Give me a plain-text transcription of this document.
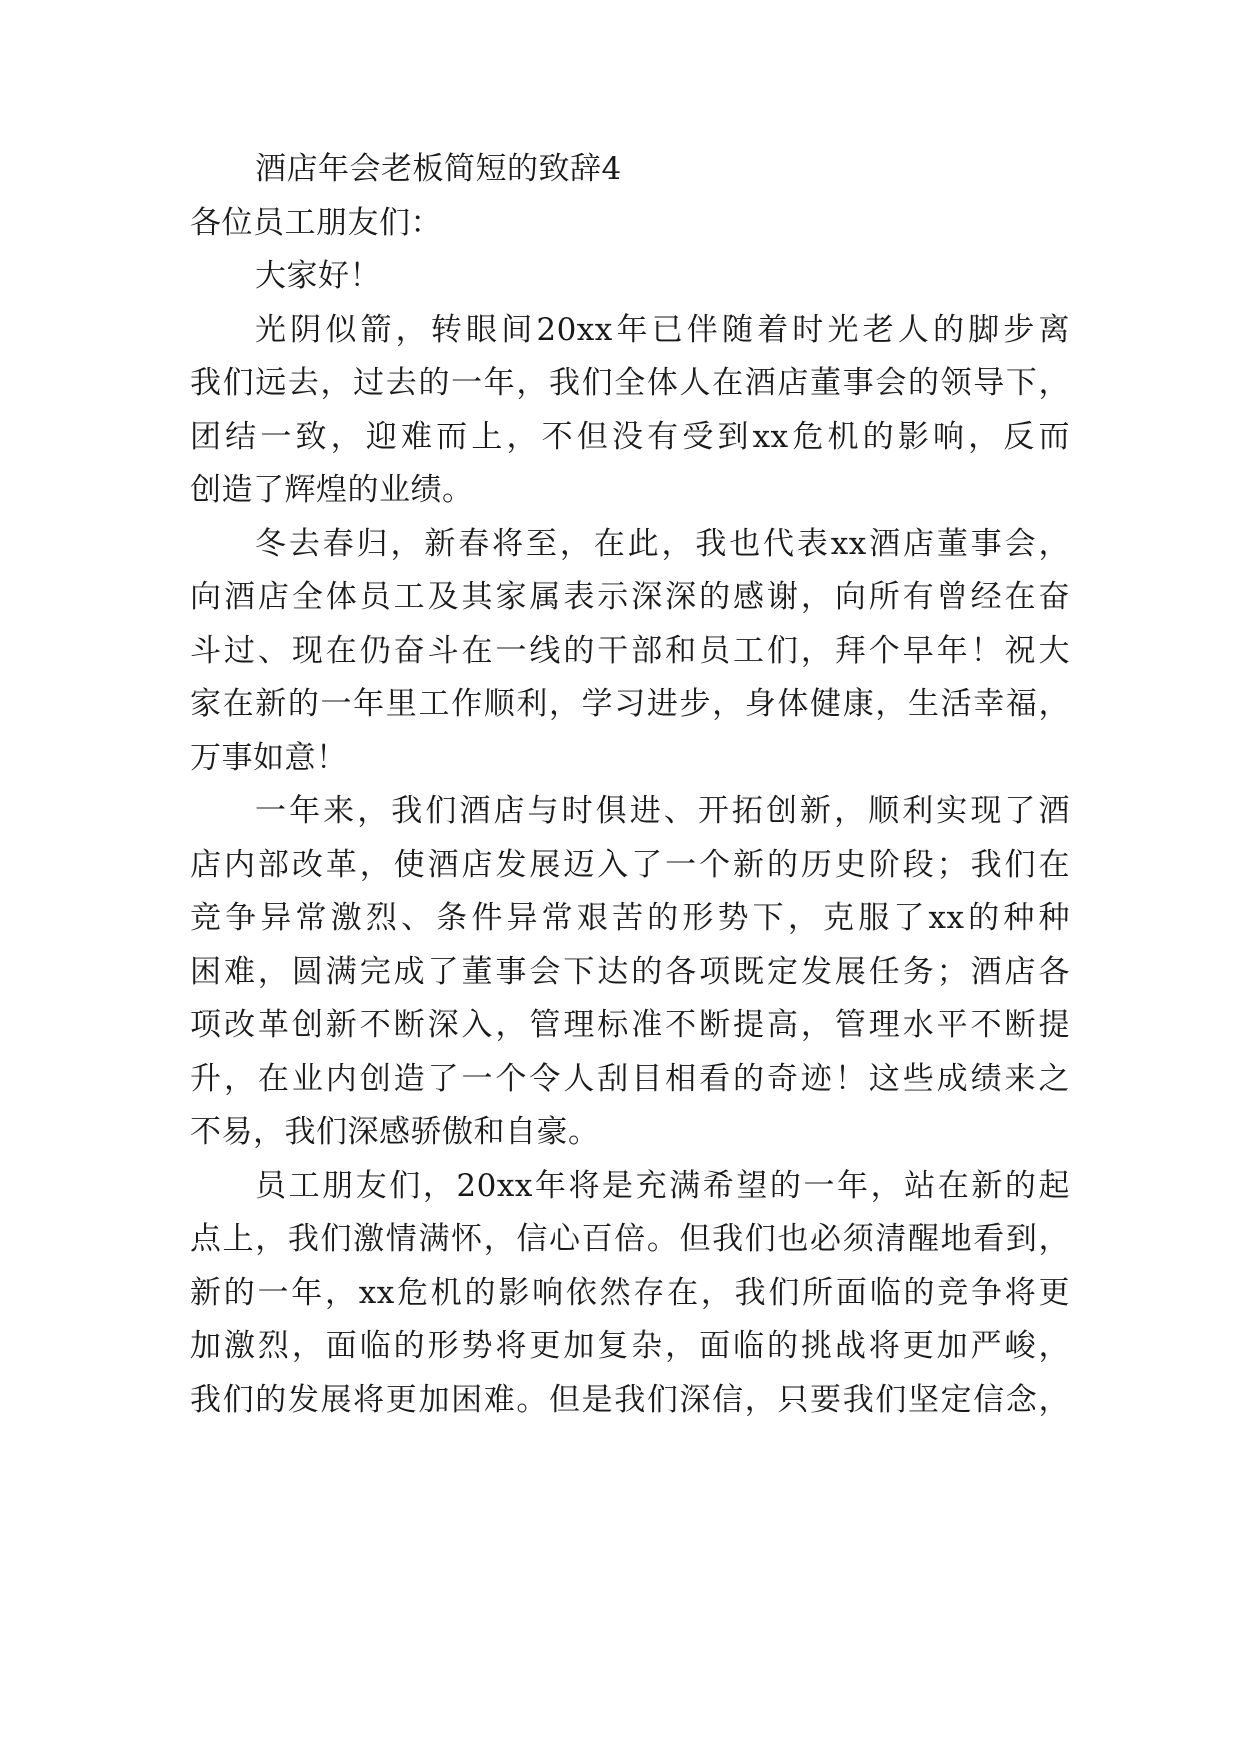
酒店年会老板简短的致辞4
各位员工朋友们：
大家好！
光阴似箭，转眼间20xx年已伴随着时光老人的脚步离
我们远去，过去的一年，我们全体人在酒店董事会的领导下，
团结一致，迎难而上，不但没有受到xx危机的影响，反而
创造了辉煌的业绩。
冬去春归，新春将至，在此，我也代表xx酒店董事会，
向酒店全体员工及其家属表示深深的感谢，向所有曾经在奋
斗过、现在仍奋斗在一线的干部和员工们，拜个早年！祝大
家在新的一年里工作顺利，学习进步，身体健康，生活幸福，
万事如意！
一年来，我们酒店与时俱进、开拓创新，顺利实现了酒
店内部改革，使酒店发展迈入了一个新的历史阶段；我们在
竞争异常激烈、条件异常艰苦的形势下，克服了xx的种种
困难，圆满完成了董事会下达的各项既定发展任务；酒店各
项改革创新不断深入，管理标准不断提高，管理水平不断提
升，在业内创造了一个令人刮目相看的奇迹！这些成绩来之
不易，我们深感骄傲和自豪。
员工朋友们，20xx年将是充满希望的一年，站在新的起
点上，我们激情满怀，信心百倍。但我们也必须清醒地看到，
新的一年，xx危机的影响依然存在，我们所面临的竞争将更
加激烈，面临的形势将更加复杂，面临的挑战将更加严峻，
我们的发展将更加困难。但是我们深信，只要我们坚定信念，
